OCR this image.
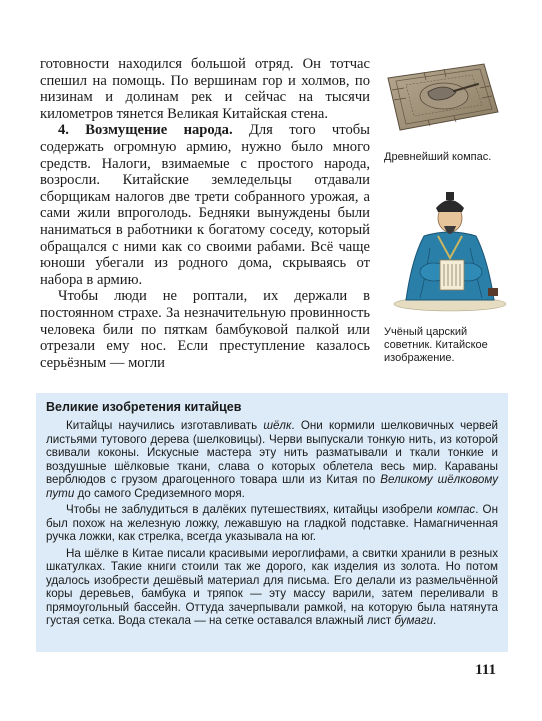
готовности находился большой отряд. Он тотчас спешил на помощь. По вершинам гор и холмов, по низинам и долинам рек и сейчас на тысячи километров тянется Великая Китайская стена.

4. Возмущение народа. Для того чтобы содержать огромную армию, нужно было много средств. Налоги, взимаемые с простого народа, возросли. Китайские земледельцы отдавали сборщикам налогов две трети собранного урожая, а сами жили впроголодь. Бедняки вынуждены были наниматься в работники к богатому соседу, который обращался с ними как со своими рабами. Всё чаще юноши убегали из родного дома, скрываясь от набора в армию.

Чтобы люди не роптали, их держали в постоянном страхе. За незначительную провинность человека били по пяткам бамбуковой палкой или отрезали ему нос. Если преступление казалось серьёзным — могли

Древнейший компас.
Учёный царский советник. Китайское изображение.
Великие изобретения китайцев

Китайцы научились изготавливать шёлк. Они кормили шелковичных червей листьями тутового дерева (шелковицы). Черви выпускали тонкую нить, из которой свивали коконы. Искусные мастера эту нить разматывали и ткали тонкие и воздушные шёлковые ткани, слава о которых облетела весь мир. Караваны верблюдов с грузом драгоценного товара шли из Китая по Великому шёлковому пути до самого Средиземного моря.

Чтобы не заблудиться в далёких путешествиях, китайцы изобрели компас. Он был похож на железную ложку, лежавшую на гладкой подставке. Намагниченная ручка ложки, как стрелка, всегда указывала на юг.

На шёлке в Китае писали красивыми иероглифами, а свитки хранили в резных шкатулках. Такие книги стоили так же дорого, как изделия из золота. Но потом удалось изобрести дешёвый материал для письма. Его делали из размельчённой коры деревьев, бамбука и тряпок — эту массу варили, затем переливали в прямоугольный бассейн. Оттуда зачерпывали рамкой, на которую была натянута густая сетка. Вода стекала — на сетке оставался влажный лист бумаги.

111
